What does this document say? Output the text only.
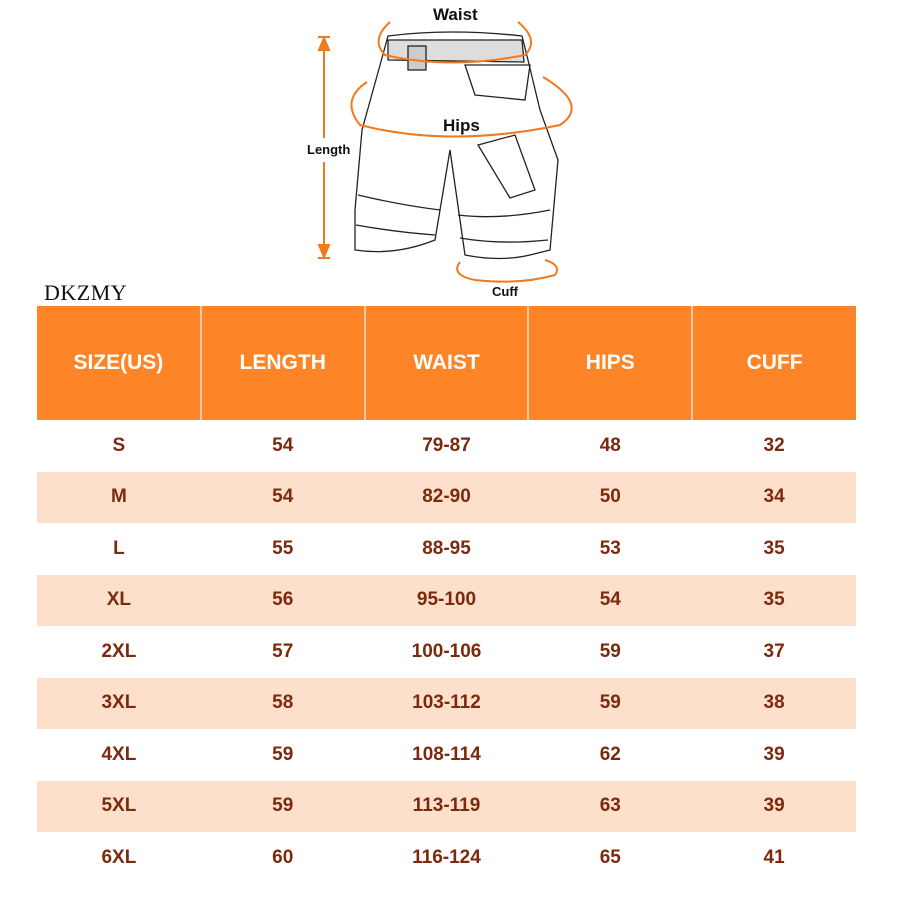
Waist
Hips
Length
Cuff
DKZMY
SIZE(US)	LENGTH	WAIST	HIPS	CUFF
S	54	79-87	48	32
M	54	82-90	50	34
L	55	88-95	53	35
XL	56	95-100	54	35
2XL	57	100-106	59	37
3XL	58	103-112	59	38
4XL	59	108-114	62	39
5XL	59	113-119	63	39
6XL	60	116-124	65	41
